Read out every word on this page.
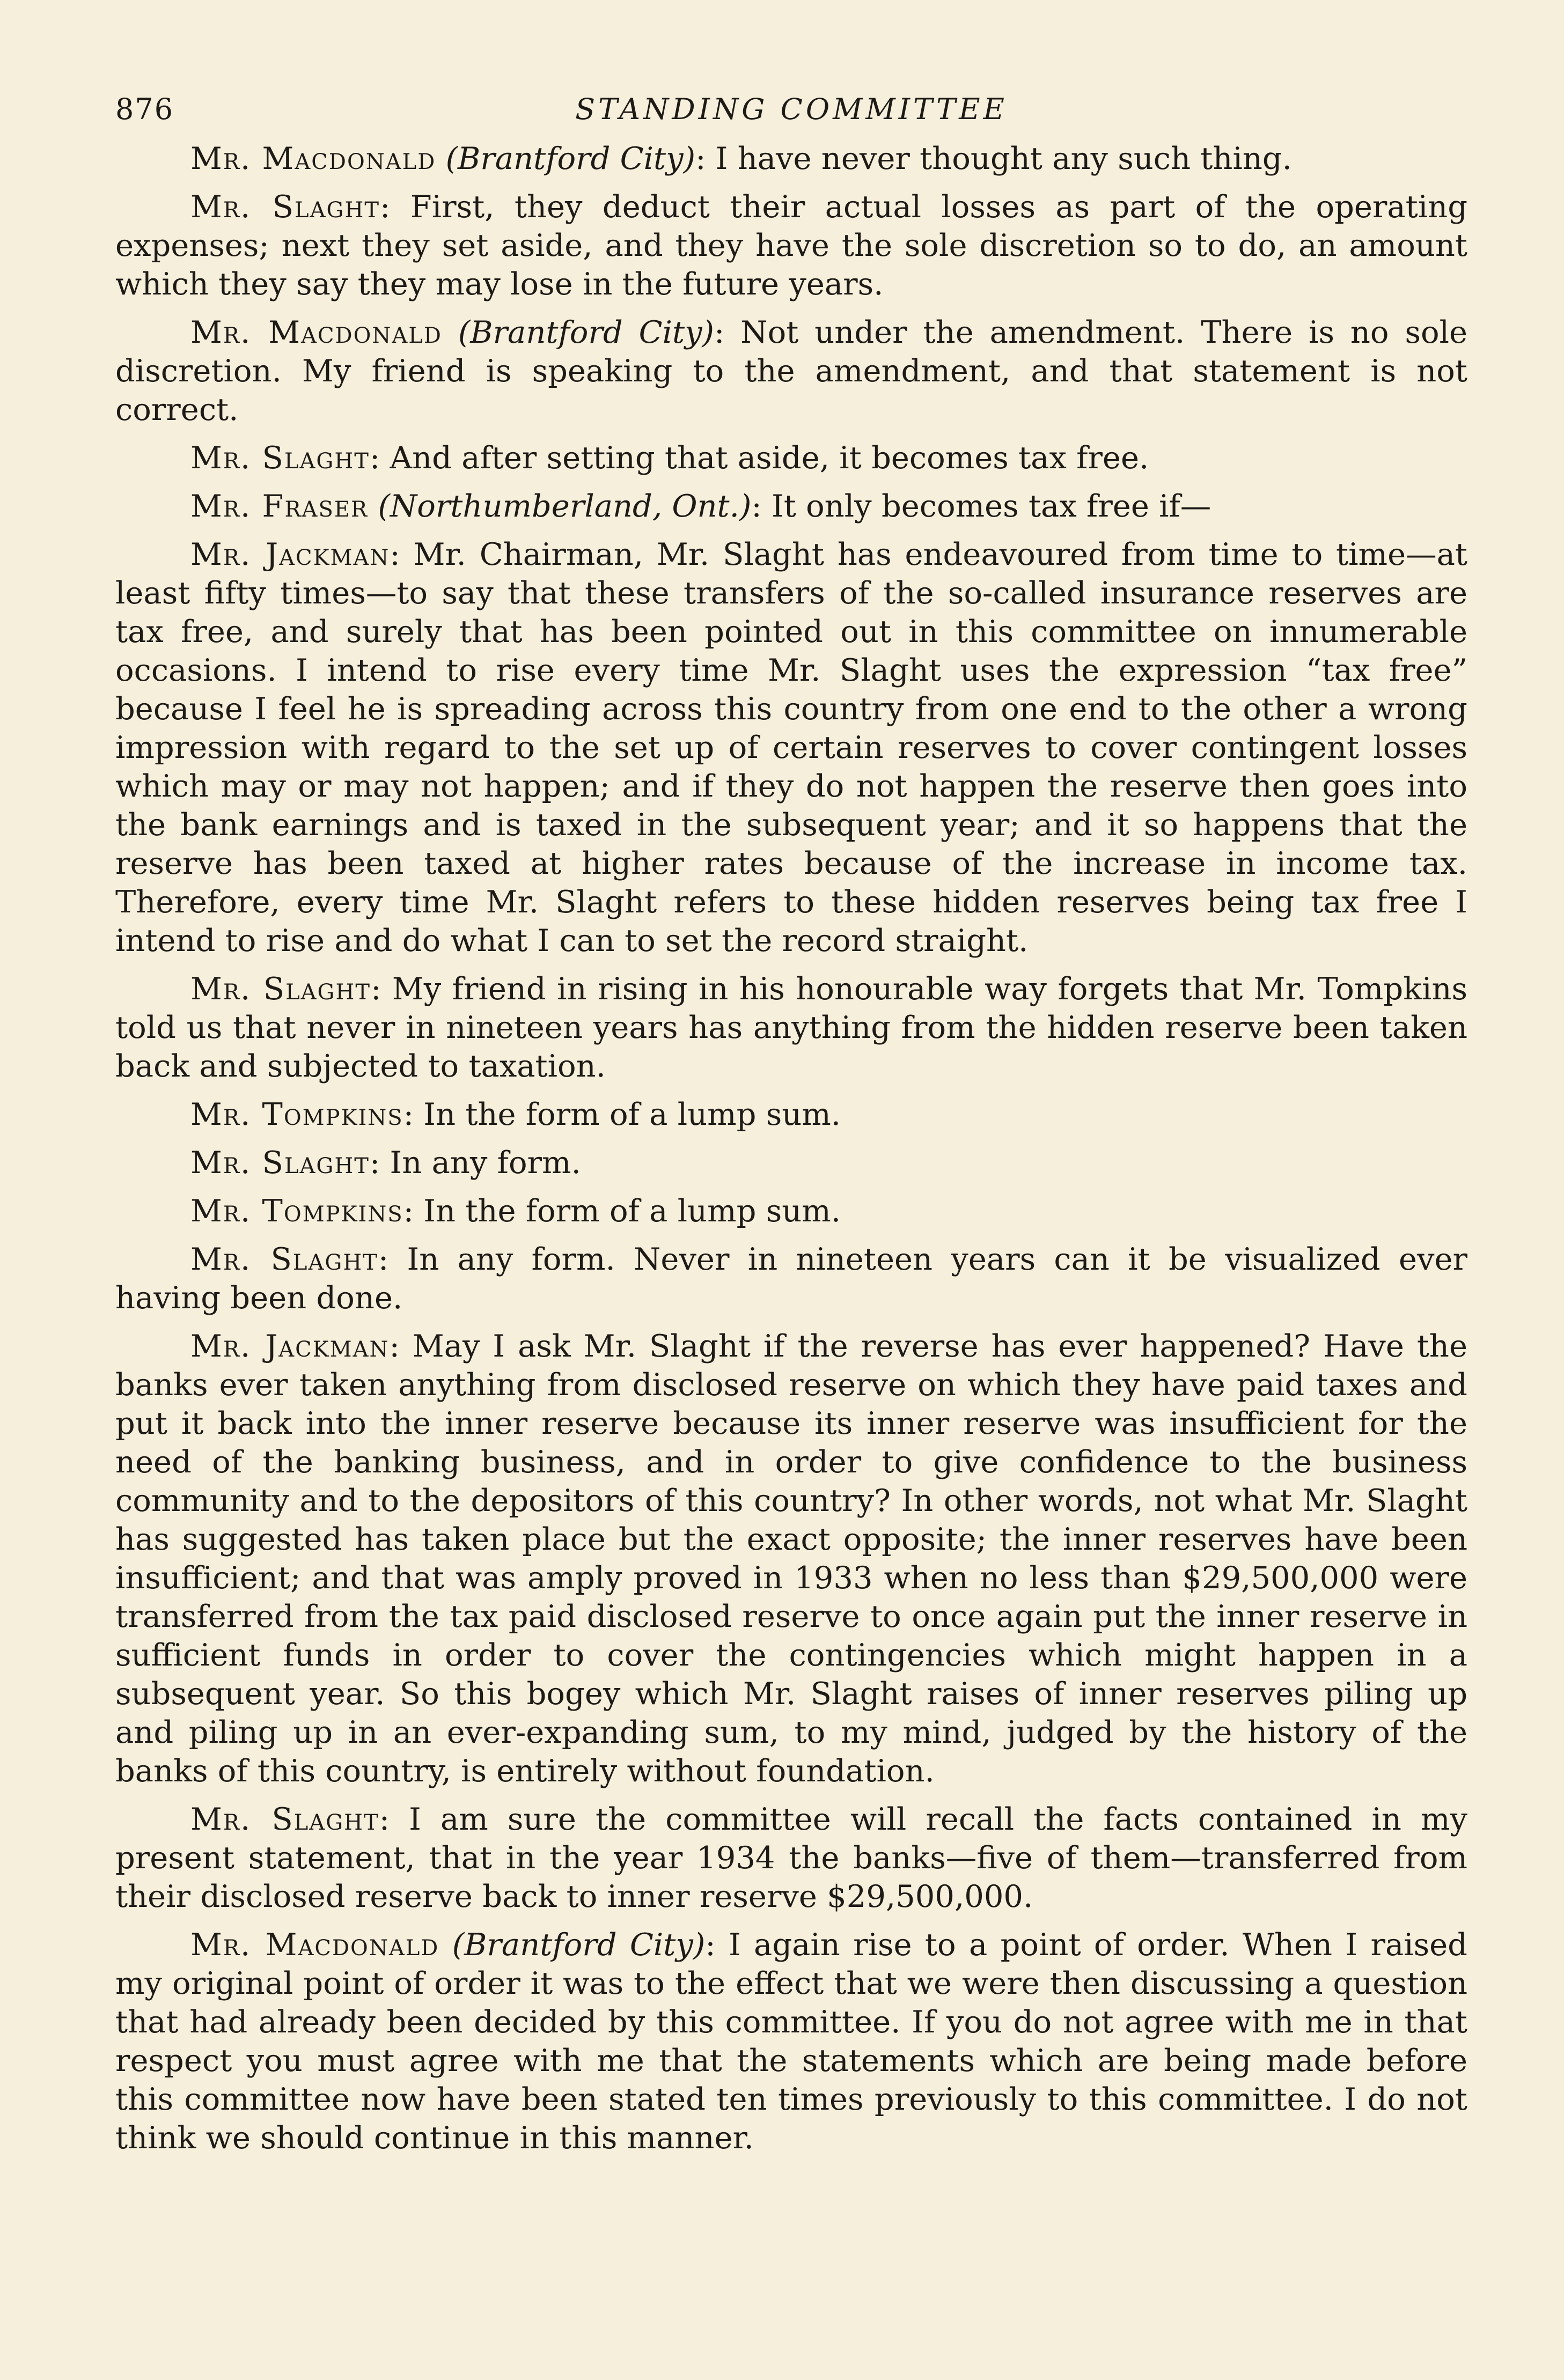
876	STANDING COMMITTEE

Mr. Macdonald (Brantford City): I have never thought any such thing.

Mr. Slaght: First, they deduct their actual losses as part of the operating expenses; next they set aside, and they have the sole discretion so to do, an amount which they say they may lose in the future years.

Mr. Macdonald (Brantford City): Not under the amendment. There is no sole discretion. My friend is speaking to the amendment, and that statement is not correct.

Mr. Slaght: And after setting that aside, it becomes tax free.

Mr. Fraser (Northumberland, Ont.): It only becomes tax free if—

Mr. Jackman: Mr. Chairman, Mr. Slaght has endeavoured from time to time—at least fifty times—to say that these transfers of the so-called insurance reserves are tax free, and surely that has been pointed out in this committee on innumerable occasions. I intend to rise every time Mr. Slaght uses the expression “tax free” because I feel he is spreading across this country from one end to the other a wrong impression with regard to the set up of certain reserves to cover contingent losses which may or may not happen; and if they do not happen the reserve then goes into the bank earnings and is taxed in the subsequent year; and it so happens that the reserve has been taxed at higher rates because of the increase in income tax. Therefore, every time Mr. Slaght refers to these hidden reserves being tax free I intend to rise and do what I can to set the record straight.

Mr. Slaght: My friend in rising in his honourable way forgets that Mr. Tompkins told us that never in nineteen years has anything from the hidden reserve been taken back and subjected to taxation.

Mr. Tompkins: In the form of a lump sum.

Mr. Slaght: In any form.

Mr. Tompkins: In the form of a lump sum.

Mr. Slaght: In any form. Never in nineteen years can it be visualized ever having been done.

Mr. Jackman: May I ask Mr. Slaght if the reverse has ever happened? Have the banks ever taken anything from disclosed reserve on which they have paid taxes and put it back into the inner reserve because its inner reserve was insufficient for the need of the banking business, and in order to give confidence to the business community and to the depositors of this country? In other words, not what Mr. Slaght has suggested has taken place but the exact opposite; the inner reserves have been insufficient; and that was amply proved in 1933 when no less than $29,500,000 were transferred from the tax paid disclosed reserve to once again put the inner reserve in sufficient funds in order to cover the contingencies which might happen in a subsequent year. So this bogey which Mr. Slaght raises of inner reserves piling up and piling up in an ever-expanding sum, to my mind, judged by the history of the banks of this country, is entirely without foundation.

Mr. Slaght: I am sure the committee will recall the facts contained in my present statement, that in the year 1934 the banks—five of them—transferred from their disclosed reserve back to inner reserve $29,500,000.

Mr. Macdonald (Brantford City): I again rise to a point of order. When I raised my original point of order it was to the effect that we were then discussing a question that had already been decided by this committee. If you do not agree with me in that respect you must agree with me that the statements which are being made before this committee now have been stated ten times previously to this committee. I do not think we should continue in this manner.
